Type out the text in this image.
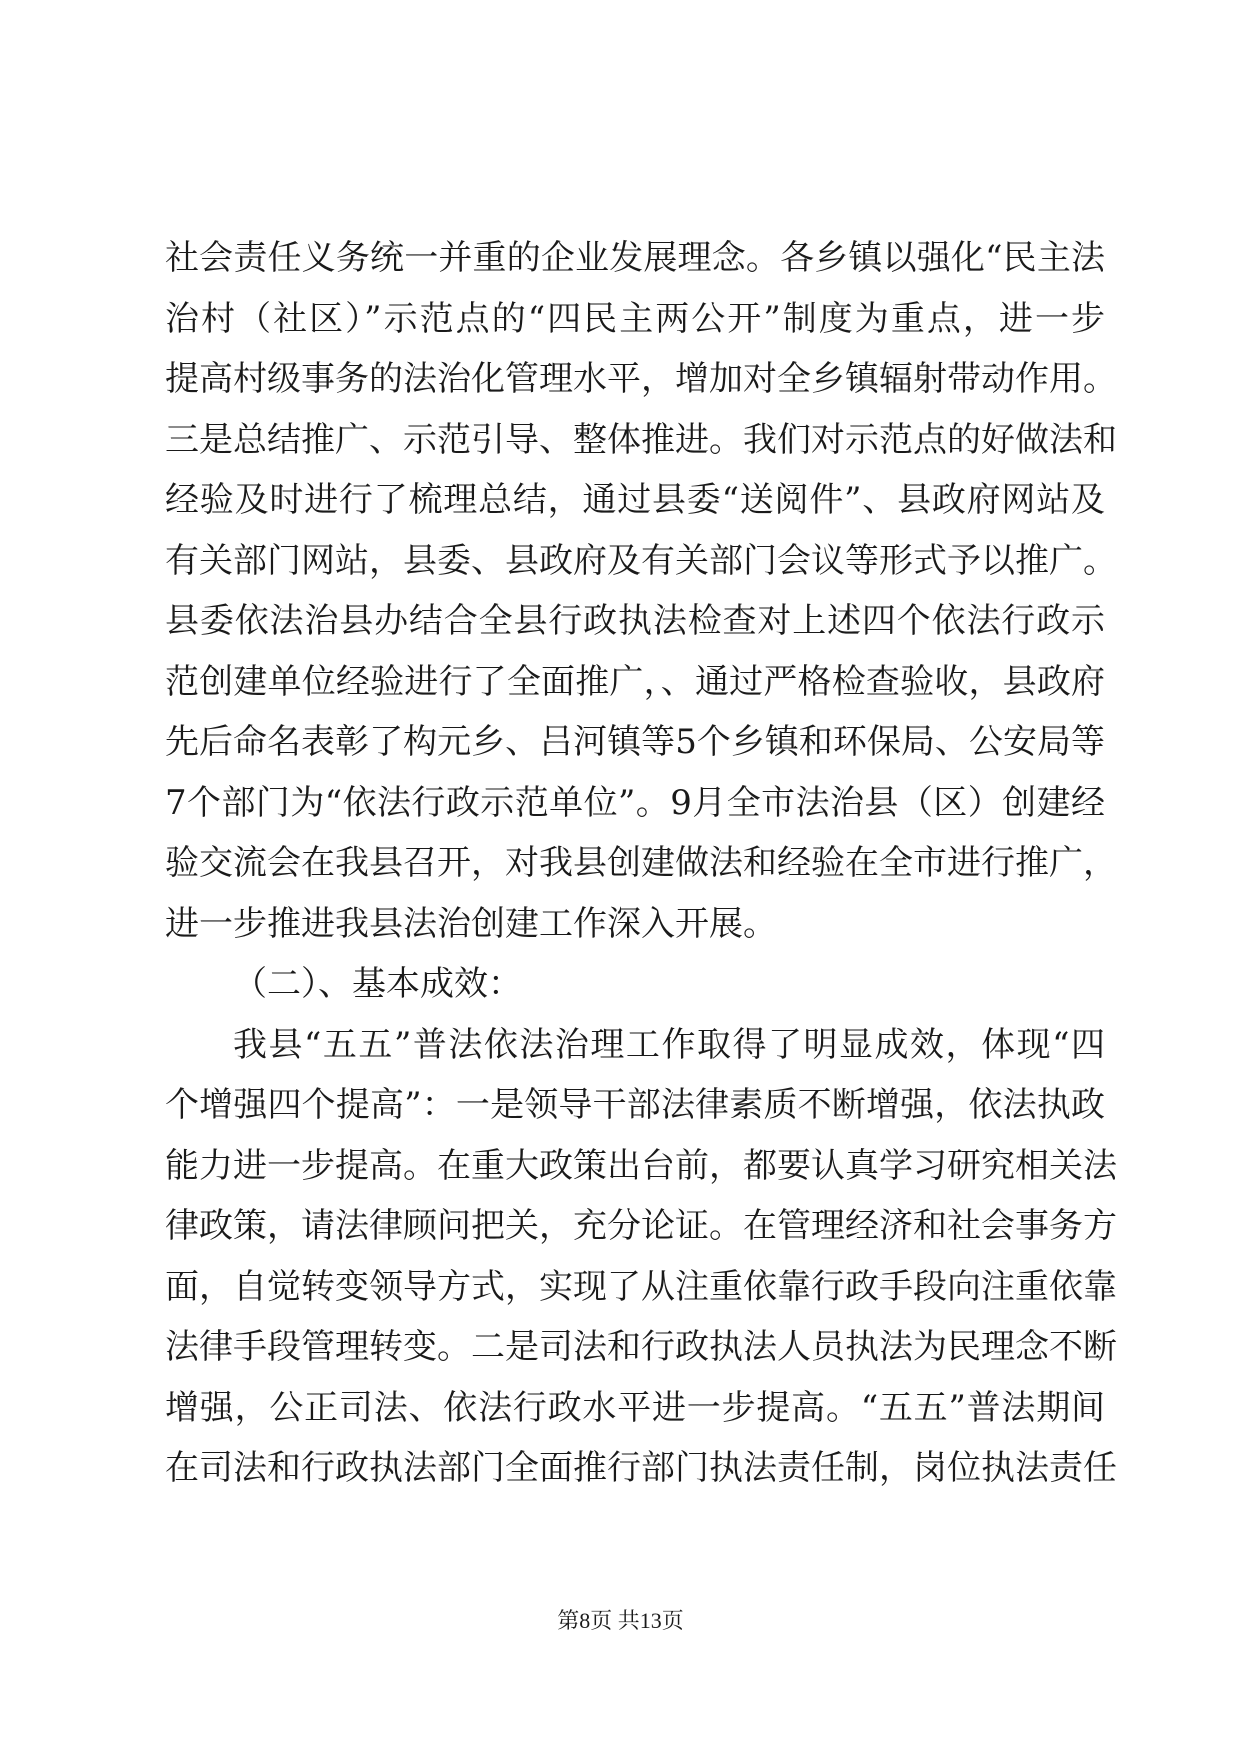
社会责任义务统一并重的企业发展理念。各乡镇以强化“民主法
治村（社区）”示范点的“四民主两公开”制度为重点，进一步
提高村级事务的法治化管理水平，增加对全乡镇辐射带动作用。
三是总结推广、示范引导、整体推进。我们对示范点的好做法和
经验及时进行了梳理总结，通过县委“送阅件”、县政府网站及
有关部门网站，县委、县政府及有关部门会议等形式予以推广。
县委依法治县办结合全县行政执法检查对上述四个依法行政示
范创建单位经验进行了全面推广，、通过严格检查验收，县政府
先后命名表彰了构元乡、吕河镇等5个乡镇和环保局、公安局等
7个部门为“依法行政示范单位”。9月全市法治县（区）创建经
验交流会在我县召开，对我县创建做法和经验在全市进行推广，
进一步推进我县法治创建工作深入开展。
（二）、基本成效：
我县“五五”普法依法治理工作取得了明显成效，体现“四
个增强四个提高”：一是领导干部法律素质不断增强，依法执政
能力进一步提高。在重大政策出台前，都要认真学习研究相关法
律政策，请法律顾问把关，充分论证。在管理经济和社会事务方
面，自觉转变领导方式，实现了从注重依靠行政手段向注重依靠
法律手段管理转变。二是司法和行政执法人员执法为民理念不断
增强，公正司法、依法行政水平进一步提高。“五五”普法期间
在司法和行政执法部门全面推行部门执法责任制，岗位执法责任
第8页 共13页
